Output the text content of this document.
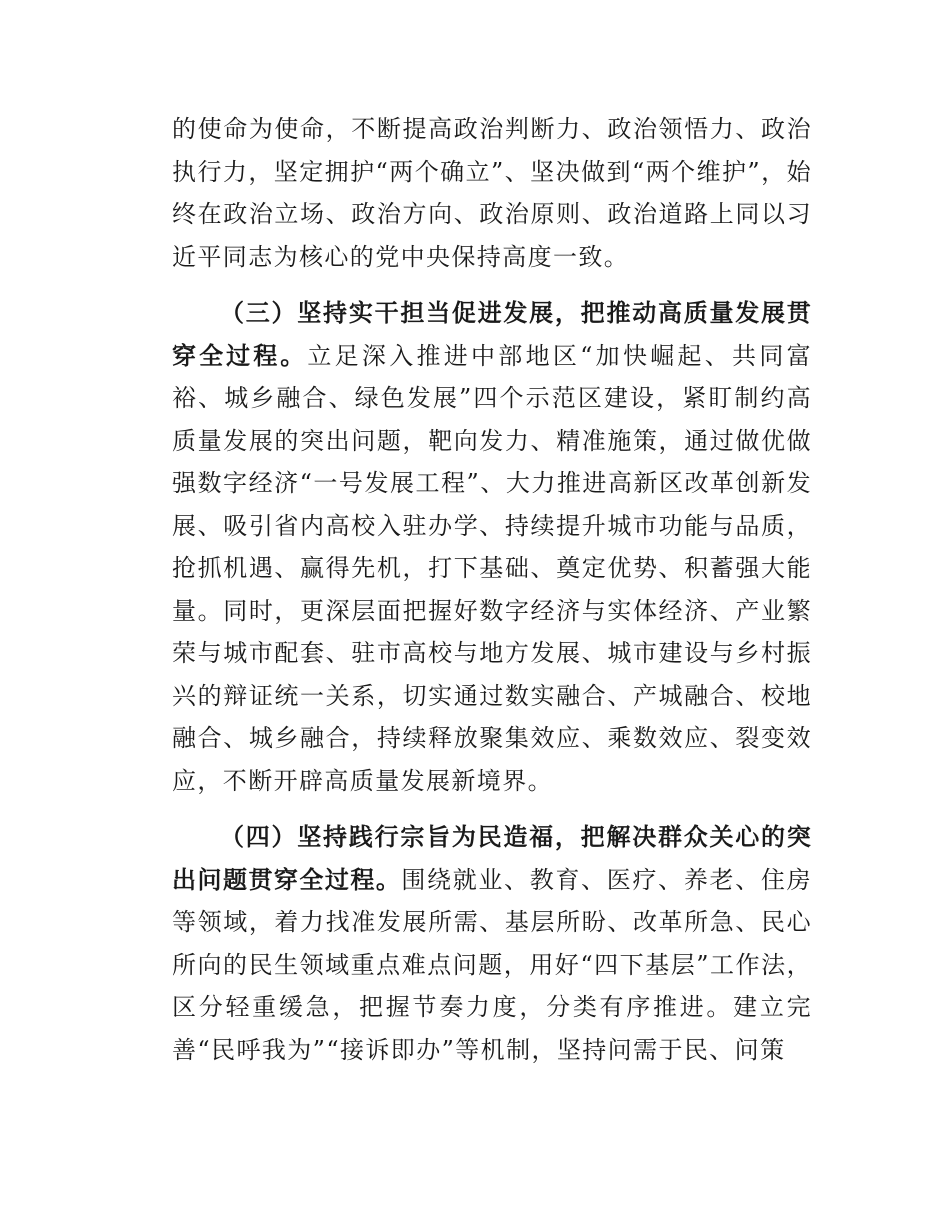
的使命为使命，不断提高政治判断力、政治领悟力、政治执行力，坚定拥护“两个确立”、坚决做到“两个维护”，始终在政治立场、政治方向、政治原则、政治道路上同以习近平同志为核心的党中央保持高度一致。

（三）坚持实干担当促进发展，把推动高质量发展贯穿全过程。立足深入推进中部地区“加快崛起、共同富裕、城乡融合、绿色发展”四个示范区建设，紧盯制约高质量发展的突出问题，靶向发力、精准施策，通过做优做强数字经济“一号发展工程”、大力推进高新区改革创新发展、吸引省内高校入驻办学、持续提升城市功能与品质，抢抓机遇、赢得先机，打下基础、奠定优势、积蓄强大能量。同时，更深层面把握好数字经济与实体经济、产业繁荣与城市配套、驻市高校与地方发展、城市建设与乡村振兴的辩证统一关系，切实通过数实融合、产城融合、校地融合、城乡融合，持续释放聚集效应、乘数效应、裂变效应，不断开辟高质量发展新境界。

（四）坚持践行宗旨为民造福，把解决群众关心的突出问题贯穿全过程。围绕就业、教育、医疗、养老、住房等领域，着力找准发展所需、基层所盼、改革所急、民心所向的民生领域重点难点问题，用好“四下基层”工作法，区分轻重缓急，把握节奏力度，分类有序推进。建立完善“民呼我为”“接诉即办”等机制，坚持问需于民、问策
